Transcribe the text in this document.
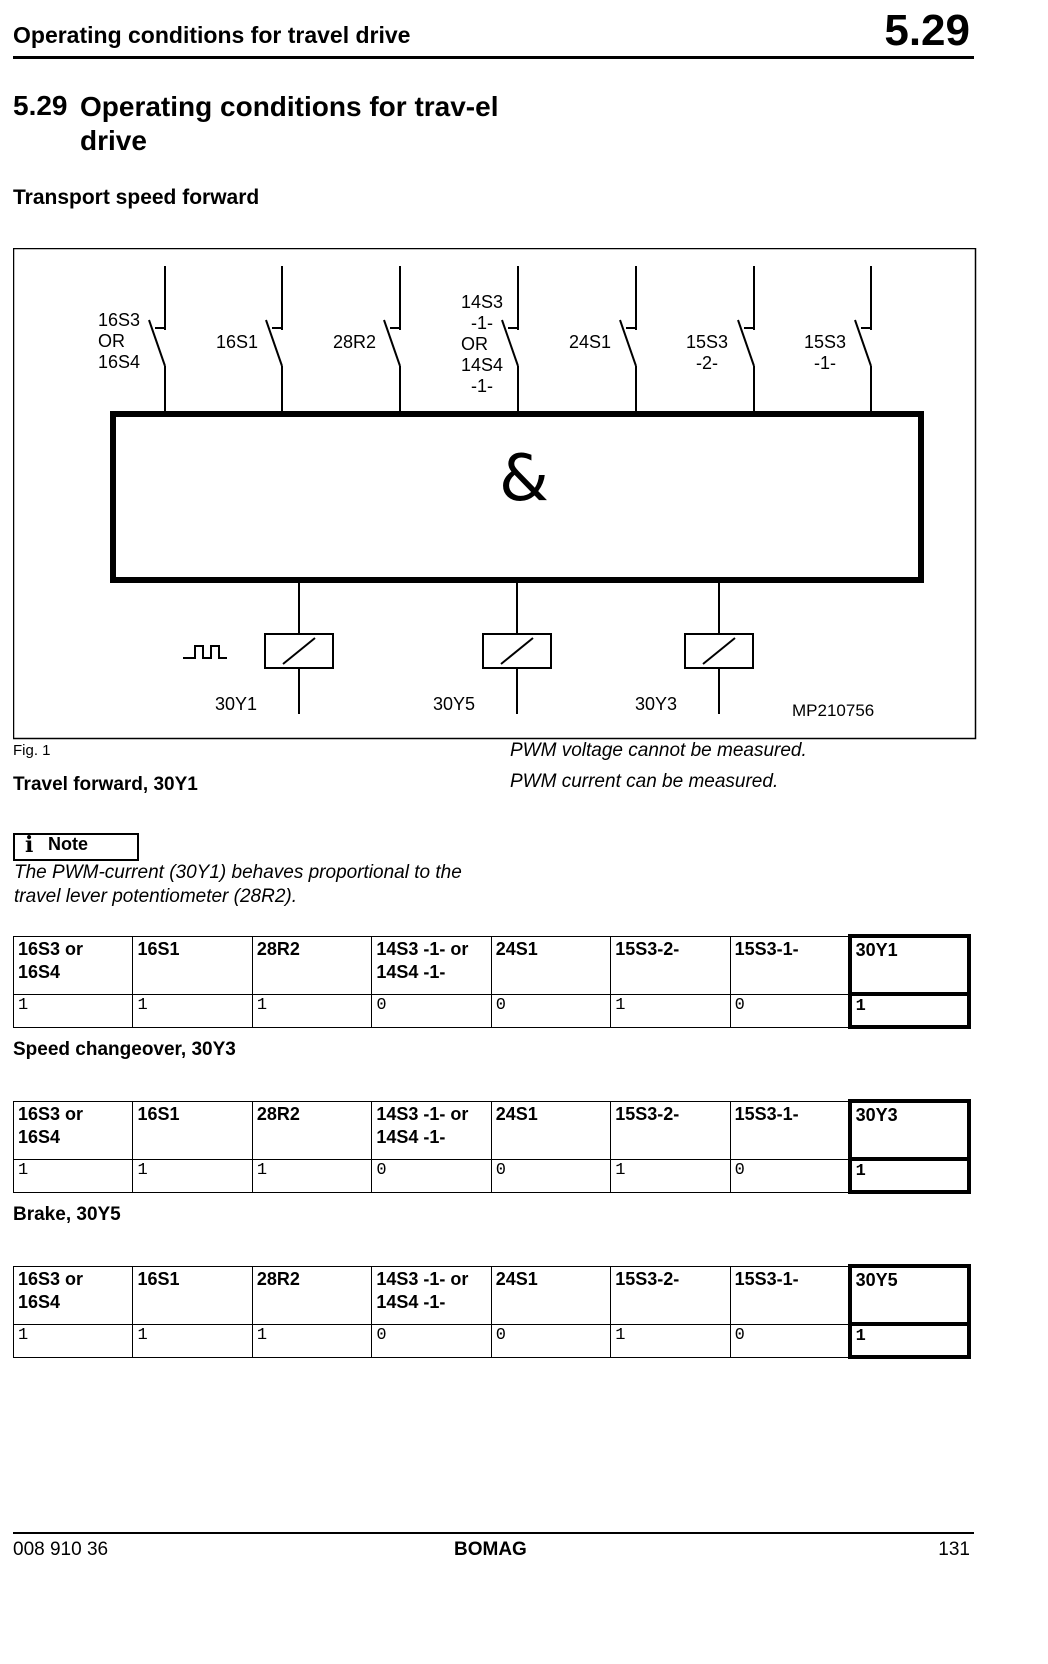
Operating conditions for travel drive	5.29
5.29 Operating conditions for trav-el drive
Transport speed forward
16S3
OR
16S4
16S1	28R2
14S3
-1-
OR
14S4
-1-
24S1	15S3
-2-
15S3
-1-
&
30Y1	30Y5	30Y3	MP210756
Fig. 1	PWM voltage cannot be measured.
PWM current can be measured.
Travel forward, 30Y1
i Note
The PWM-current (30Y1) behaves proportional to the travel lever potentiometer (28R2).
16S3 or 16S4	16S1	28R2	14S3 -1- or 14S4 -1-	24S1	15S3-2-	15S3-1-	30Y1
1	1	1	0	0	1	0	1
Speed changeover, 30Y3
16S3 or 16S4	16S1	28R2	14S3 -1- or 14S4 -1-	24S1	15S3-2-	15S3-1-	30Y3
1	1	1	0	0	1	0	1
Brake, 30Y5
16S3 or 16S4	16S1	28R2	14S3 -1- or 14S4 -1-	24S1	15S3-2-	15S3-1-	30Y5
1	1	1	0	0	1	0	1
008 910 36	BOMAG	131
